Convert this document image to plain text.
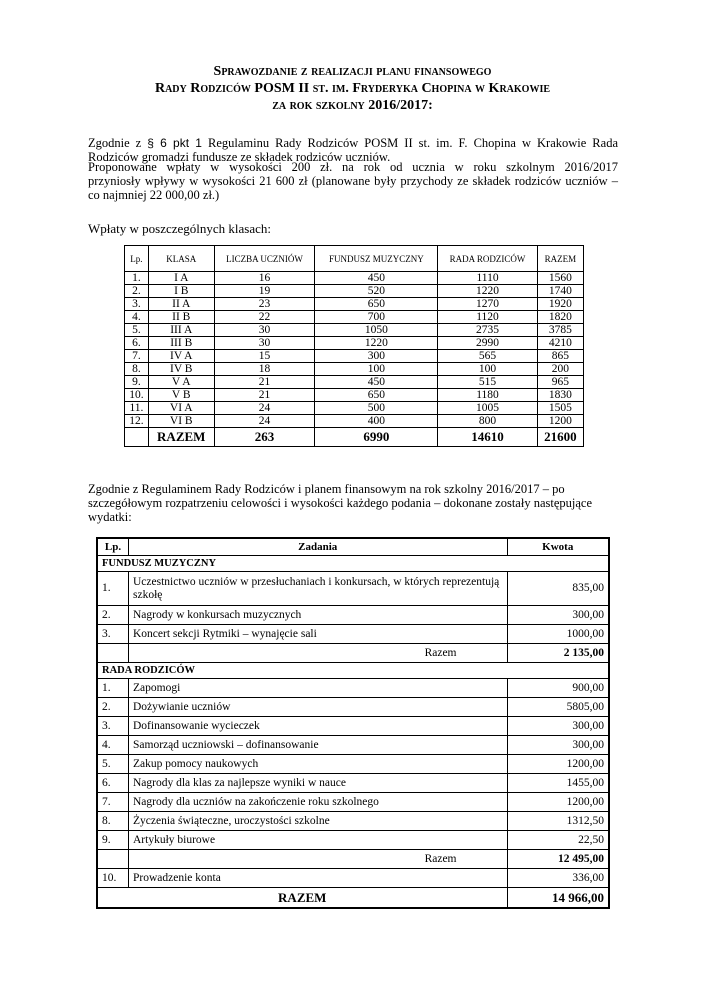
Sprawozdanie z realizacji planu finansowego
Rady Rodziców POSM II st. im. Fryderyka Chopina w Krakowie
za rok szkolny 2016/2017:
Zgodnie z § 6 pkt 1 Regulaminu Rady Rodziców POSM II st. im. F. Chopina w Krakowie Rada Rodziców gromadzi fundusze ze składek rodziców uczniów.
Proponowane wpłaty w wysokości 200 zł. na rok od ucznia w roku szkolnym 2016/2017
przyniosły wpływy w wysokości 21 600 zł (planowane były przychody ze składek rodziców uczniów – co najmniej 22 000,00 zł.)
Wpłaty w poszczególnych klasach:
Lp.	KLASA	LICZBA UCZNIÓW	FUNDUSZ MUZYCZNY	RADA RODZICÓW	RAZEM
1.	I A	16	450	1110	1560
2.	I B	19	520	1220	1740
3.	II A	23	650	1270	1920
4.	II B	22	700	1120	1820
5.	III A	30	1050	2735	3785
6.	III B	30	1220	2990	4210
7.	IV A	15	300	565	865
8.	IV B	18	100	100	200
9.	V A	21	450	515	965
10.	V B	21	650	1180	1830
11.	VI A	24	500	1005	1505
12.	VI B	24	400	800	1200
	RAZEM	263	6990	14610	21600
Zgodnie z Regulaminem Rady Rodziców i planem finansowym na rok szkolny 2016/2017 – po szczegółowym rozpatrzeniu celowości i wysokości każdego podania – dokonane zostały następujące wydatki:
Lp.	Zadania	Kwota
FUNDUSZ MUZYCZNY		
1.	Uczestnictwo uczniów w przesłuchaniach i konkursach, w których reprezentują szkołę	835,00
2.	Nagrody w konkursach muzycznych	300,00
3.	Koncert sekcji Rytmiki – wynajęcie sali	1000,00
	Razem	2 135,00
RADA RODZICÓW		
1.	Zapomogi	900,00
2.	Dożywianie uczniów	5805,00
3.	Dofinansowanie wycieczek	300,00
4.	Samorząd uczniowski – dofinansowanie	300,00
5.	Zakup pomocy naukowych	1200,00
6.	Nagrody dla klas za najlepsze wyniki w nauce	1455,00
7.	Nagrody dla uczniów na zakończenie roku szkolnego	1200,00
8.	Życzenia świąteczne, uroczystości szkolne	1312,50
9.	Artykuły biurowe	22,50
	Razem	12 495,00
10.	Prowadzenie konta	336,00
RAZEM		14 966,00
